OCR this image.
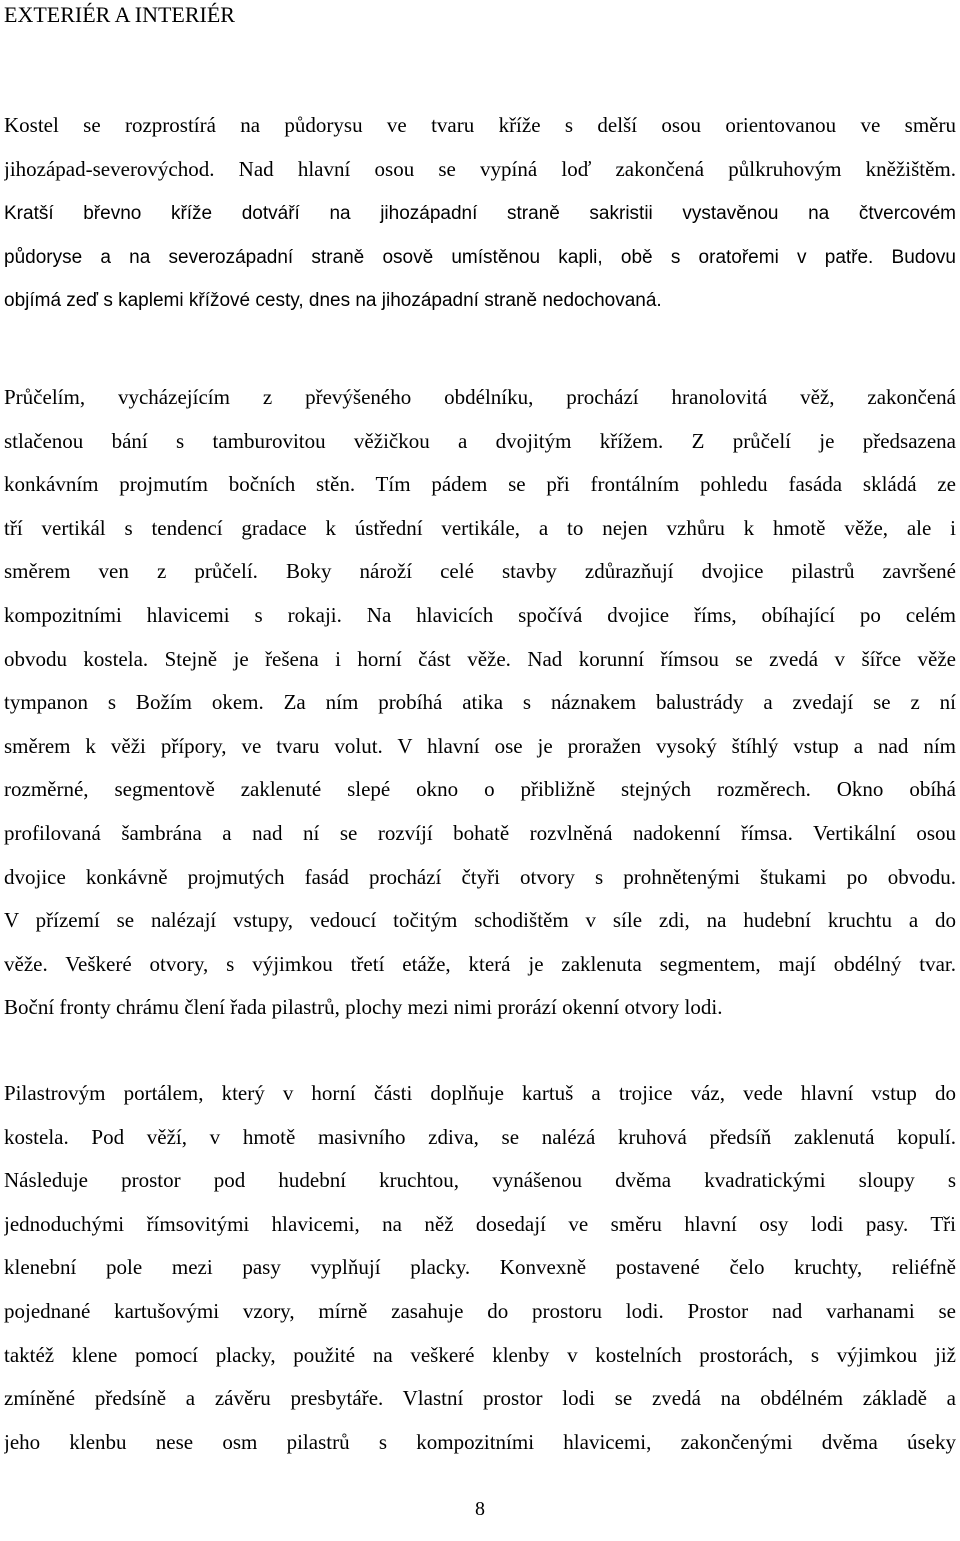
EXTERIÉR A INTERIÉR
Kostel se rozprostírá na půdorysu ve tvaru kříže s delší osou orientovanou ve směru
jihozápad-severovýchod. Nad hlavní osou se vypíná loď zakončená půlkruhovým kněžištěm.
Kratší břevno kříže dotváří na jihozápadní straně sakristii vystavěnou na čtvercovém
půdoryse a na severozápadní straně osově umístěnou kapli, obě s oratořemi v patře. Budovu
objímá zeď s kaplemi křížové cesty, dnes na jihozápadní straně nedochovaná.
Průčelím, vycházejícím z převýšeného obdélníku, prochází hranolovitá věž, zakončená
stlačenou bání s tamburovitou věžičkou a dvojitým křížem. Z průčelí je předsazena
konkávním projmutím bočních stěn. Tím pádem se při frontálním pohledu fasáda skládá ze
tří vertikál s tendencí gradace k ústřední vertikále, a to nejen vzhůru k hmotě věže, ale i
směrem ven z průčelí. Boky nároží celé stavby zdůrazňují dvojice pilastrů završené
kompozitními hlavicemi s rokaji. Na hlavicích spočívá dvojice říms, obíhající po celém
obvodu kostela. Stejně je řešena i horní část věže. Nad korunní římsou se zvedá v šířce věže
tympanon s Božím okem. Za ním probíhá atika s náznakem balustrády a zvedají se z ní
směrem k věži přípory, ve tvaru volut. V hlavní ose je proražen vysoký štíhlý vstup a nad ním
rozměrné, segmentově zaklenuté slepé okno o přibližně stejných rozměrech. Okno obíhá
profilovaná šambrána a nad ní se rozvíjí bohatě rozvlněná nadokenní římsa. Vertikální osou
dvojice konkávně projmutých fasád prochází čtyři otvory s prohnětenými štukami po obvodu.
V přízemí se nalézají vstupy, vedoucí točitým schodištěm v síle zdi, na hudební kruchtu a do
věže. Veškeré otvory, s výjimkou třetí etáže, která je zaklenuta segmentem, mají obdélný tvar.
Boční fronty chrámu člení řada pilastrů, plochy mezi nimi prorází okenní otvory lodi.
Pilastrovým portálem, který v horní části doplňuje kartuš a trojice váz, vede hlavní vstup do
kostela. Pod věží, v hmotě masivního zdiva, se nalézá kruhová předsíň zaklenutá kopulí.
Následuje prostor pod hudební kruchtou, vynášenou dvěma kvadratickými sloupy s
jednoduchými římsovitými hlavicemi, na něž dosedají ve směru hlavní osy lodi pasy. Tři
klenební pole mezi pasy vyplňují placky. Konvexně postavené čelo kruchty, reliéfně
pojednané kartušovými vzory, mírně zasahuje do prostoru lodi. Prostor nad varhanami se
taktéž klene pomocí placky, použité na veškeré klenby v kostelních prostorách, s výjimkou již
zmíněné předsíně a závěru presbytáře. Vlastní prostor lodi se zvedá na obdélném základě a
jeho klenbu nese osm pilastrů s kompozitními hlavicemi, zakončenými dvěma úseky
8
